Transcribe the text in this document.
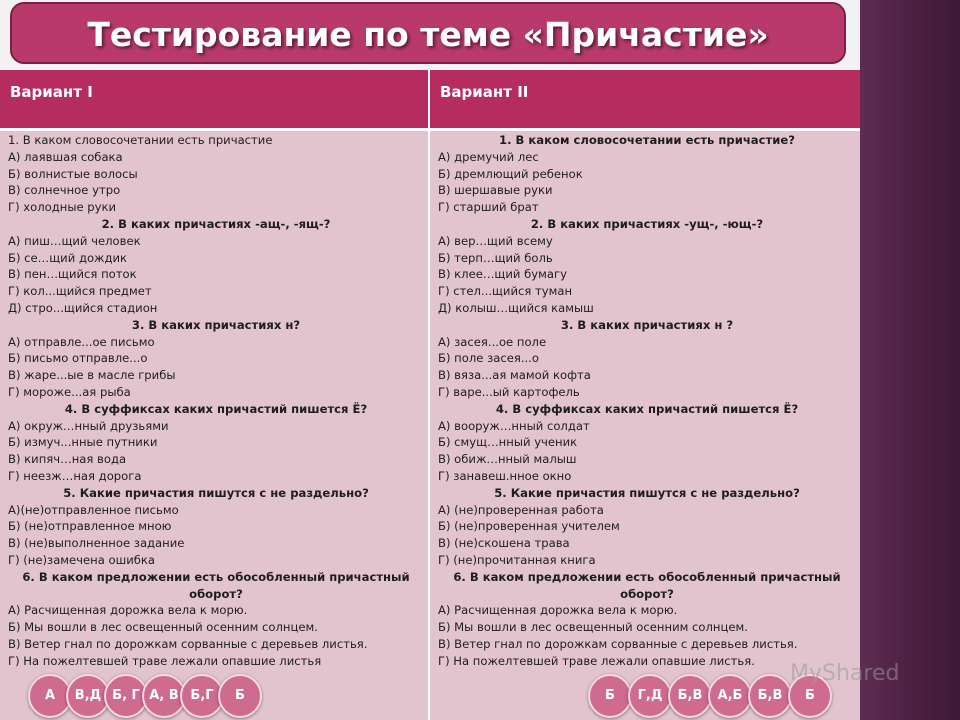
Тестирование по теме «Причастие»
Вариант I	Вариант II
1. В каком словосочетании есть причастие
А) лаявшая собака
Б) волнистые волосы
В) солнечное утро
Г) холодные руки
2. В каких причастиях -ащ-, -ящ-?
А) пиш…щий человек
Б) се…щий дождик
В) пен…щийся поток
Г) кол...щийся предмет
Д) стро...щийся стадион
3. В каких причастиях н?
А) отправле...ое письмо
Б) письмо отправле...о
В) жаре...ые в масле грибы
Г) мороже...ая рыба
4. В суффиксах каких причастий пишется Ё?
А) окруж…нный друзьями
Б) измуч...нные путники
В) кипяч…ная вода
Г) неезж…ная дорога
5. Какие причастия пишутся с не раздельно?
А)(не)отправленное письмо
Б) (не)отправленное мною
В) (не)выполненное задание
Г) (не)замечена ошибка
6. В каком предложении есть обособленный причастный
оборот?
А) Расчищенная дорожка вела к морю.
Б) Мы вошли в лес освещенный осенним солнцем.
В) Ветер гнал по дорожкам сорванные с деревьев листья.
Г) На пожелтевшей траве лежали опавшие листья
1. В каком словосочетании есть причастие?
А) дремучий лес
Б) дремлющий ребенок
В) шершавые руки
Г) старший брат
2. В каких причастиях -ущ-, -ющ-?
А) вер…щий всему
Б) терп…щий боль
В) клее…щий бумагу
Г) стел...щийся туман
Д) колыш…щийся камыш
3. В каких причастиях н ?
А) засея...ое поле
Б) поле засея...о
В) вяза...ая мамой кофта
Г) варе...ый картофель
4. В суффиксах каких причастий пишется Ё?
А) вооруж…нный солдат
Б) смущ…нный ученик
В) обиж…нный малыш
Г) занавеш.нное окно
5. Какие причастия пишутся с не раздельно?
А) (не)проверенная работа
Б) (не)проверенная учителем
В) (не)скошена трава
Г) (не)прочитанная книга
6. В каком предложении есть обособленный причастный
оборот?
А) Расчищенная дорожка вела к морю.
Б) Мы вошли в лес освещенный осенним солнцем.
В) Ветер гнал по дорожкам сорванные с деревьев листья.
Г) На пожелтевшей траве лежали опавшие листья.
А	В,Д Б, Г А, В Б,Г	Б	Б	Г,Д	Б,В	А,Б	Б,В	Б
MyShared
